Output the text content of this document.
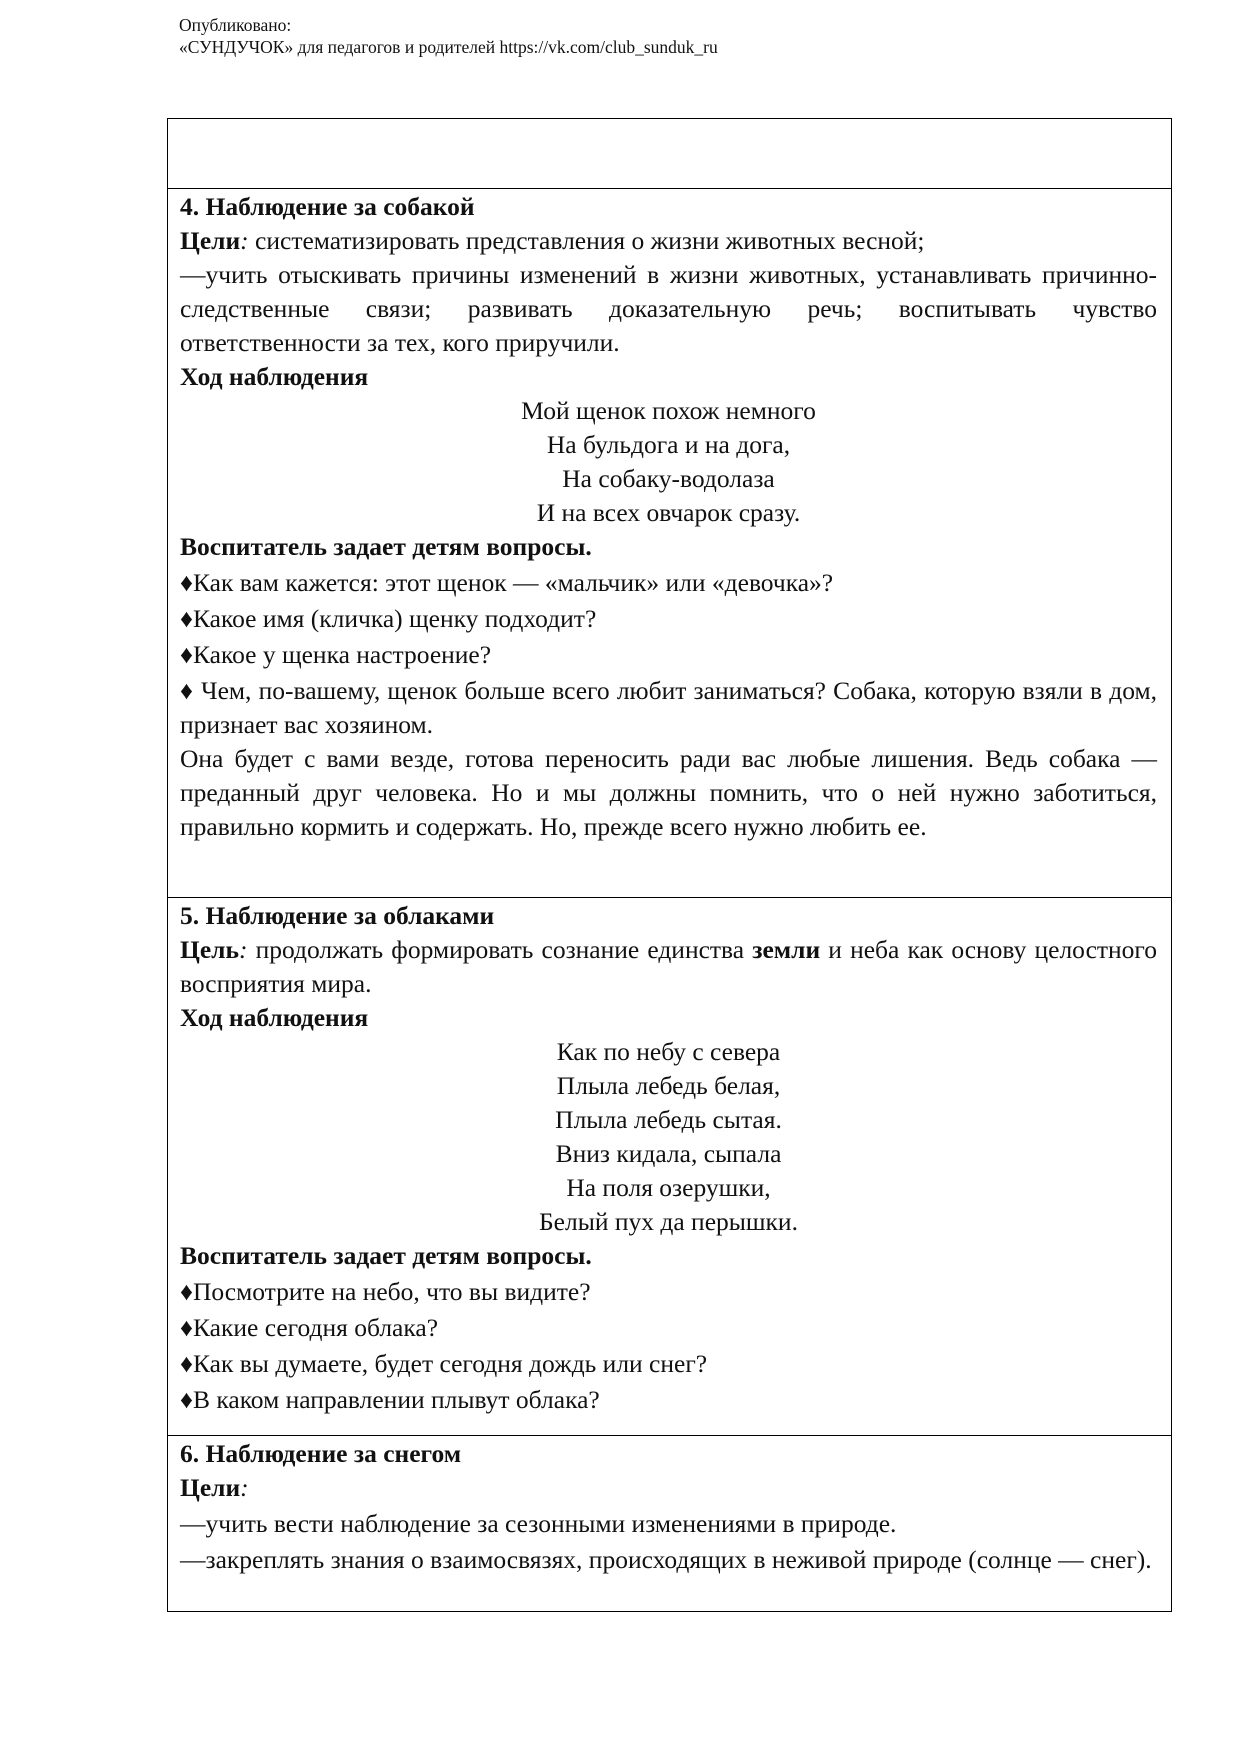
Опубликовано:
«СУНДУЧОК» для педагогов и родителей https://vk.com/club_sunduk_ru
4. Наблюдение за собакой
Цели: систематизировать представления о жизни животных весной;
—учить отыскивать причины изменений в жизни животных, устанавливать причинно-следственные связи; развивать доказательную речь; воспитывать чувство ответственности за тех, кого приручили.
Ход наблюдения
Мой щенок похож немного
На бульдога и на дога,
На собаку-водолаза
И на всех овчарок сразу.
Воспитатель задает детям вопросы.
♦Как вам кажется: этот щенок — «мальчик» или «девочка»?
♦Какое имя (кличка) щенку подходит?
♦Какое у щенка настроение?
♦ Чем, по-вашему, щенок больше всего любит заниматься? Собака, которую взяли в дом, признает вас хозяином.
Она будет с вами везде, готова переносить ради вас любые лишения. Ведь собака — преданный друг человека. Но и мы должны помнить, что о ней нужно заботиться, правильно кормить и содержать. Но, прежде всего нужно любить ее.
5. Наблюдение за облаками
Цель: продолжать формировать сознание единства земли и неба как основу целостного восприятия мира.
Ход наблюдения
Как по небу с севера
Плыла лебедь белая,
Плыла лебедь сытая.
Вниз кидала, сыпала
На поля озерушки,
Белый пух да перышки.
Воспитатель задает детям вопросы.
♦Посмотрите на небо, что вы видите?
♦Какие сегодня облака?
♦Как вы думаете, будет сегодня дождь или снег?
♦В каком направлении плывут облака?
6. Наблюдение за снегом
Цели:
—учить вести наблюдение за сезонными изменениями в природе.
—закреплять знания о взаимосвязях, происходящих в неживой природе (солнце — снег).
